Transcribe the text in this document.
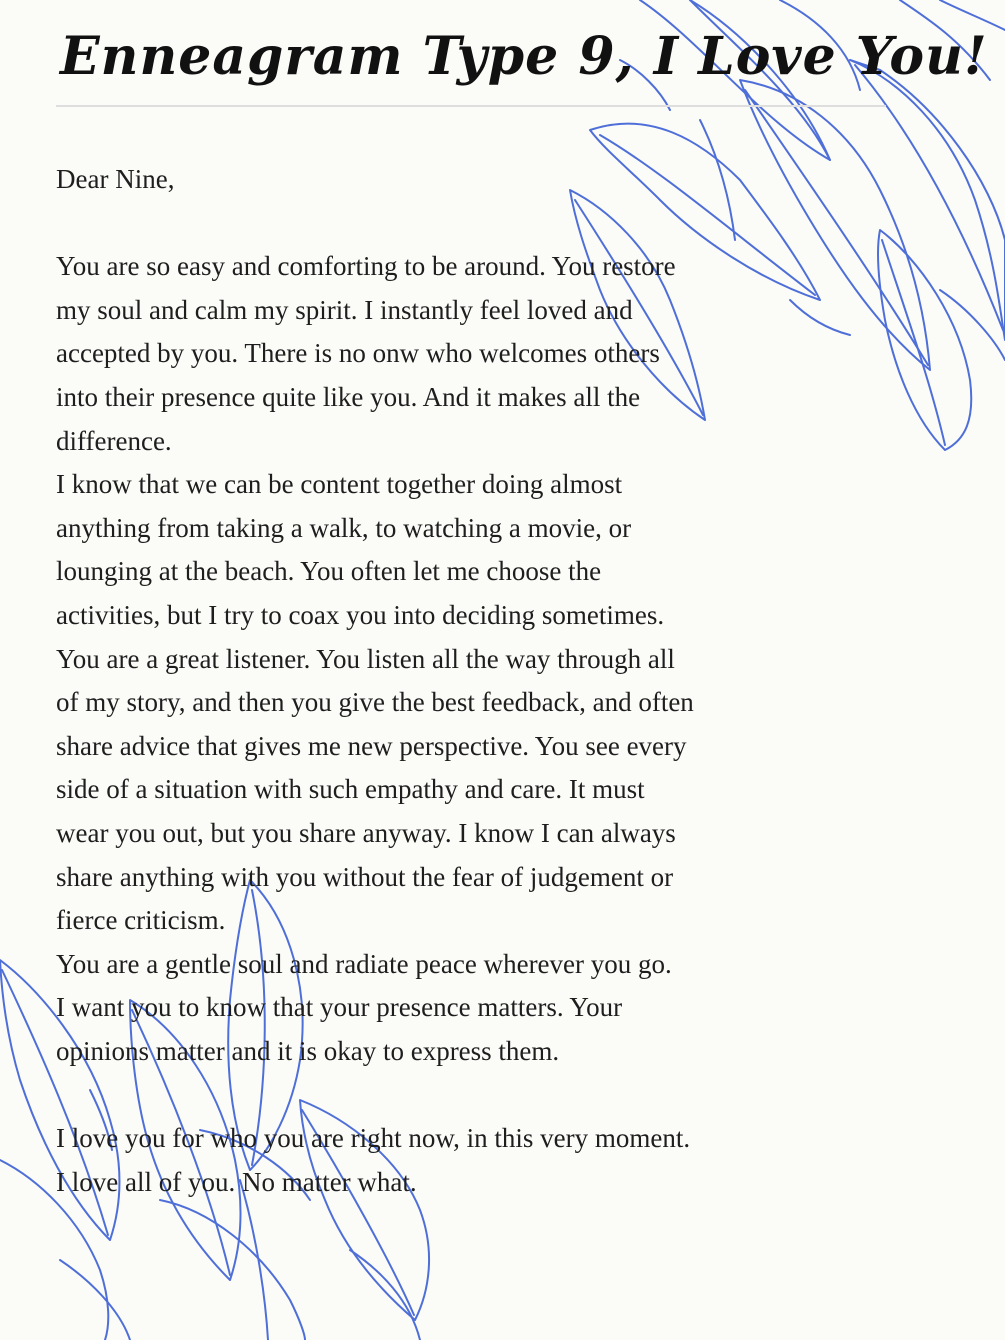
Enneagram Type 9, I Love You!

Dear Nine,

You are so easy and comforting to be around. You restore

my soul and calm my spirit. I instantly feel loved and

accepted by you. There is no onw who welcomes others

into their presence quite like you. And it makes all the

difference.

I know that we can be content together doing almost

anything from taking a walk, to watching a movie, or

lounging at the beach. You often let me choose the

activities, but I try to coax you into deciding sometimes.

You are a great listener. You listen all the way through all

of my story, and then you give the best feedback, and often

share advice that gives me new perspective. You see every

side of a situation with such empathy and care. It must

wear you out, but you share anyway. I know I can always

share anything with you without the fear of judgement or

fierce criticism.

You are a gentle soul and radiate peace wherever you go.

I want you to know that your presence matters. Your

opinions matter and it is okay to express them.

I love you for who you are right now, in this very moment.

I love all of you. No matter what.
